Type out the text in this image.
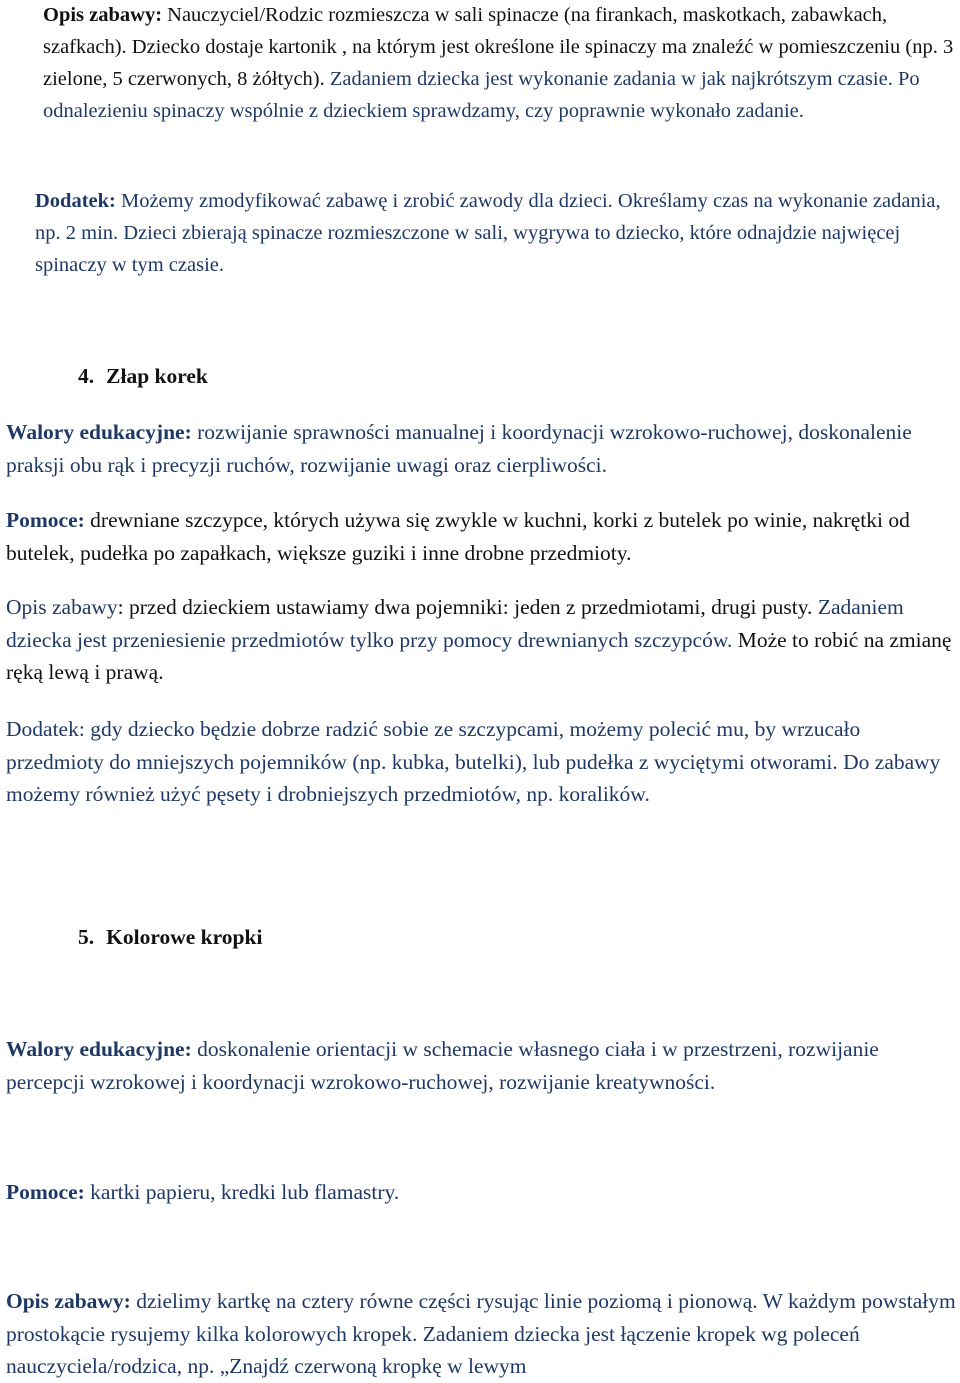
Opis zabawy: Nauczyciel/Rodzic rozmieszcza w sali spinacze (na firankach, maskotkach, zabawkach, szafkach). Dziecko dostaje kartonik , na którym jest określone ile spinaczy ma znaleźć w pomieszczeniu (np. 3 zielone, 5 czerwonych, 8 żółtych). Zadaniem dziecka jest wykonanie zadania w jak najkrótszym czasie. Po odnalezieniu spinaczy wspólnie z dzieckiem sprawdzamy, czy poprawnie wykonało zadanie.
Dodatek: Możemy zmodyfikować zabawę i zrobić zawody dla dzieci. Określamy czas na wykonanie zadania, np. 2 min. Dzieci zbierają spinacze rozmieszczone w sali, wygrywa to dziecko, które odnajdzie najwięcej spinaczy w tym czasie.
4. Złap korek
Walory edukacyjne: rozwijanie sprawności manualnej i koordynacji wzrokowo-ruchowej, doskonalenie praksji obu rąk i precyzji ruchów, rozwijanie uwagi oraz cierpliwości.
Pomoce: drewniane szczypce, których używa się zwykle w kuchni, korki z butelek po winie, nakrętki od butelek, pudełka po zapałkach, większe guziki i inne drobne przedmioty.
Opis zabawy: przed dzieckiem ustawiamy dwa pojemniki: jeden z przedmiotami, drugi pusty. Zadaniem dziecka jest przeniesienie przedmiotów tylko przy pomocy drewnianych szczypców. Może to robić na zmianę ręką lewą i prawą.
Dodatek: gdy dziecko będzie dobrze radzić sobie ze szczypcami, możemy polecić mu, by wrzucało przedmioty do mniejszych pojemników (np. kubka, butelki), lub pudełka z wyciętymi otworami. Do zabawy możemy również użyć pęsety i drobniejszych przedmiotów, np. koralików.
5. Kolorowe kropki
Walory edukacyjne: doskonalenie orientacji w schemacie własnego ciała i w przestrzeni, rozwijanie percepcji wzrokowej i koordynacji wzrokowo-ruchowej, rozwijanie kreatywności.
Pomoce: kartki papieru, kredki lub flamastry.
Opis zabawy: dzielimy kartkę na cztery równe części rysując linie poziomą i pionową. W każdym powstałym prostokącie rysujemy kilka kolorowych kropek. Zadaniem dziecka jest łączenie kropek wg poleceń nauczyciela/rodzica, np. „Znajdź czerwoną kropkę w lewym
